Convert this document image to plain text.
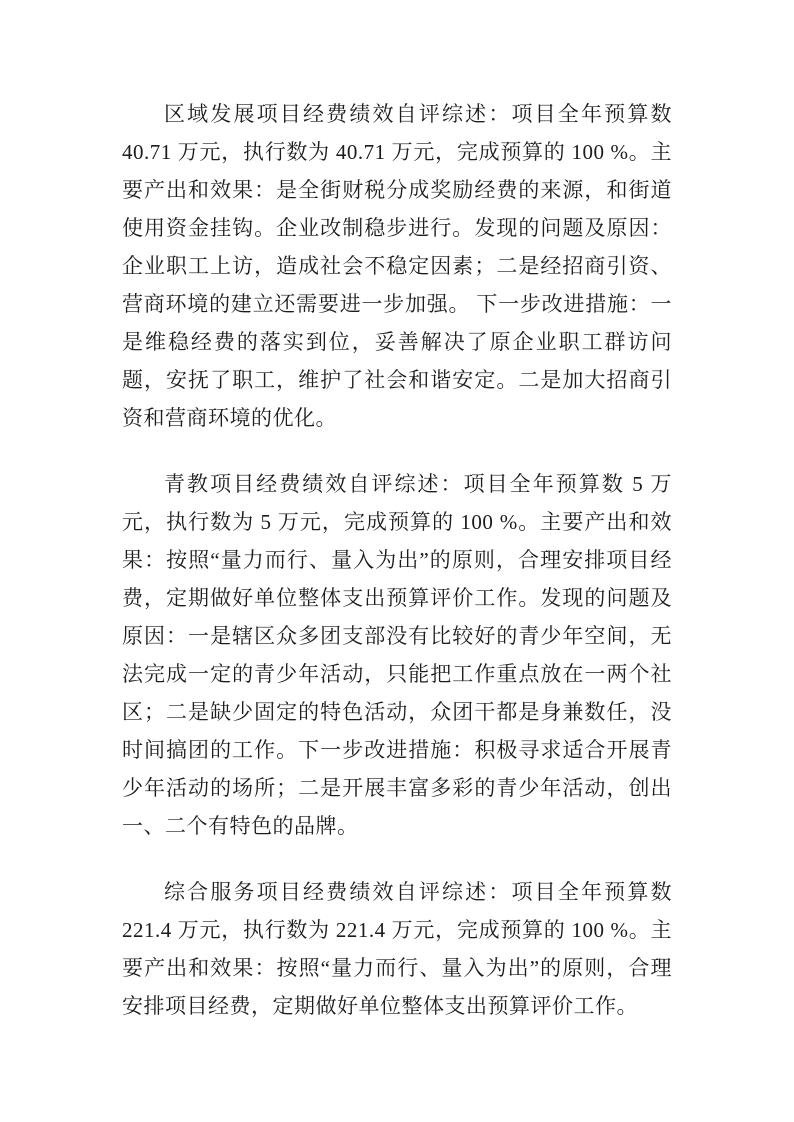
区域发展项目经费绩效自评综述：项目全年预算数 40.71 万元，执行数为 40.71 万元，完成预算的 100 %。主要产出和效果：是全街财税分成奖励经费的来源，和街道使用资金挂钩。企业改制稳步进行。发现的问题及原因：企业职工上访，造成社会不稳定因素；二是经招商引资、营商环境的建立还需要进一步加强。 下一步改进措施：一是维稳经费的落实到位，妥善解决了原企业职工群访问题，安抚了职工，维护了社会和谐安定。二是加大招商引资和营商环境的优化。

青教项目经费绩效自评综述：项目全年预算数 5 万元，执行数为 5 万元，完成预算的 100 %。主要产出和效果：按照“量力而行、量入为出”的原则，合理安排项目经费，定期做好单位整体支出预算评价工作。发现的问题及原因：一是辖区众多团支部没有比较好的青少年空间，无法完成一定的青少年活动，只能把工作重点放在一两个社区；二是缺少固定的特色活动，众团干都是身兼数任，没时间搞团的工作。下一步改进措施：积极寻求适合开展青少年活动的场所；二是开展丰富多彩的青少年活动，创出一、二个有特色的品牌。

综合服务项目经费绩效自评综述：项目全年预算数 221.4 万元，执行数为 221.4 万元，完成预算的 100 %。主要产出和效果：按照“量力而行、量入为出”的原则，合理安排项目经费，定期做好单位整体支出预算评价工作。
